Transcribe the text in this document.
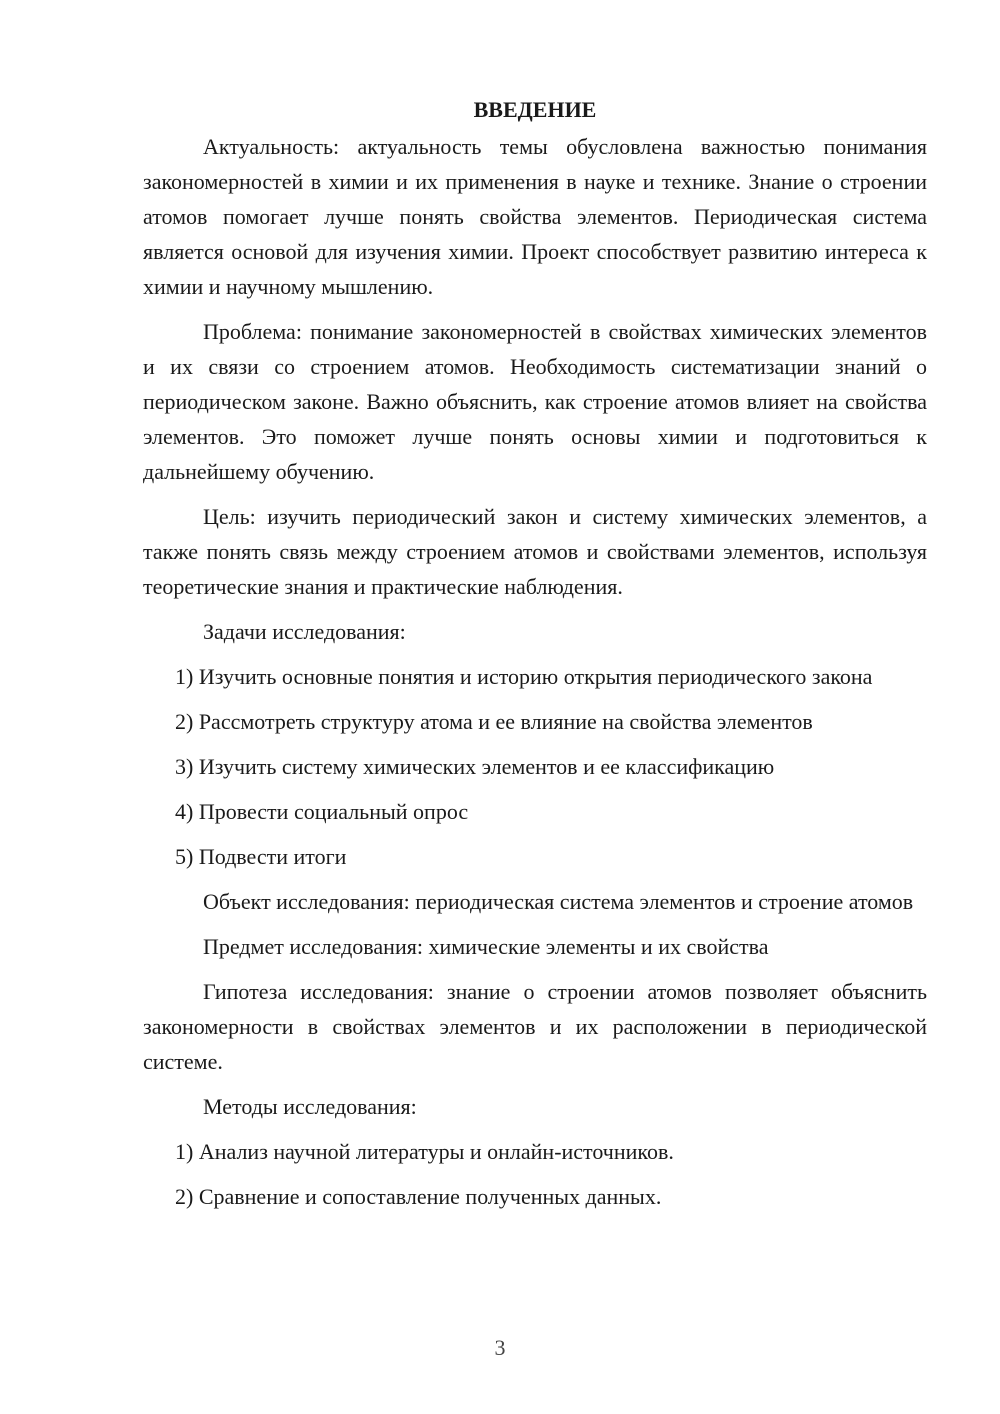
ВВЕДЕНИЕ

Актуальность: актуальность темы обусловлена важностью понимания закономерностей в химии и их применения в науке и технике. Знание о строении атомов помогает лучше понять свойства элементов. Периодическая система является основой для изучения химии. Проект способствует развитию интереса к химии и научному мышлению.

Проблема: понимание закономерностей в свойствах химических элементов и их связи со строением атомов. Необходимость систематизации знаний о периодическом законе. Важно объяснить, как строение атомов влияет на свойства элементов. Это поможет лучше понять основы химии и подготовиться к дальнейшему обучению.

Цель: изучить периодический закон и систему химических элементов, а также понять связь между строением атомов и свойствами элементов, используя теоретические знания и практические наблюдения.

Задачи исследования:

1) Изучить основные понятия и историю открытия периодического закона

2) Рассмотреть структуру атома и ее влияние на свойства элементов

3) Изучить систему химических элементов и ее классификацию

4) Провести социальный опрос

5) Подвести итоги

Объект исследования: периодическая система элементов и строение атомов

Предмет исследования: химические элементы и их свойства

Гипотеза исследования: знание о строении атомов позволяет объяснить закономерности в свойствах элементов и их расположении в периодической системе.

Методы исследования:

1) Анализ научной литературы и онлайн-источников.

2) Сравнение и сопоставление полученных данных.

3
